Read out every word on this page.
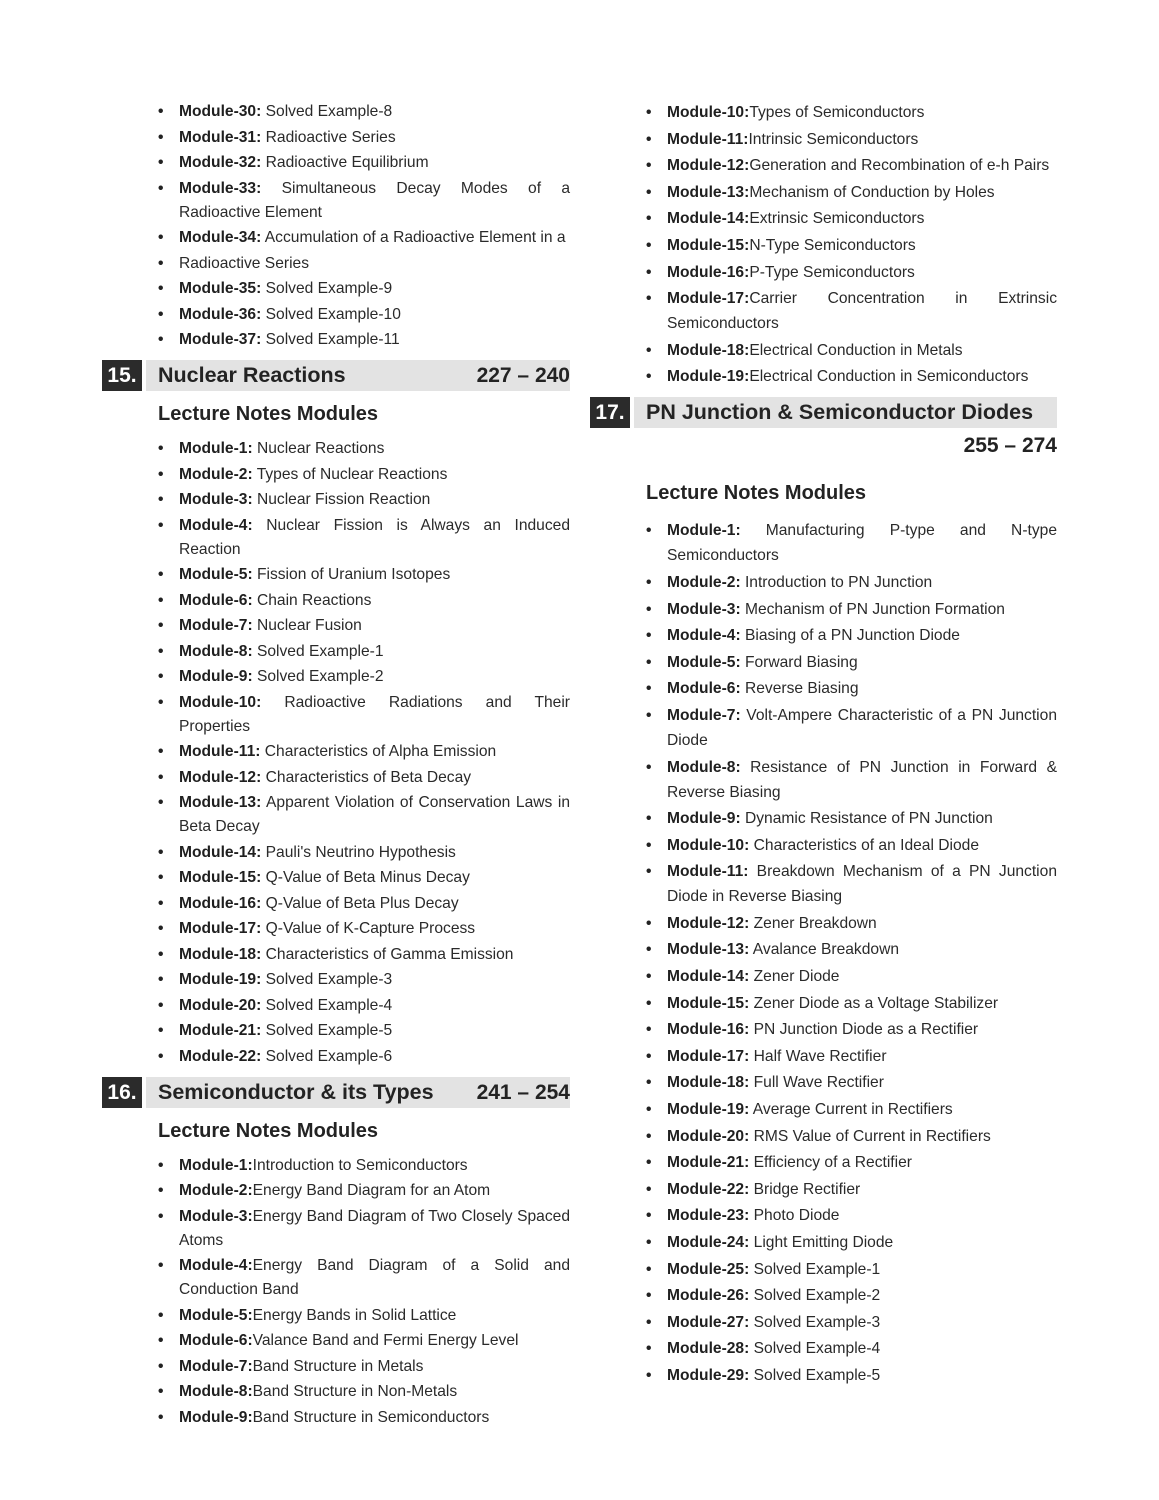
• Module-30: Solved Example-8
• Module-31: Radioactive Series
• Module-32: Radioactive Equilibrium
• Module-33: Simultaneous Decay Modes of a Radioactive Element
• Module-34: Accumulation of a Radioactive Element in a
• Radioactive Series
• Module-35: Solved Example-9
• Module-36: Solved Example-10
• Module-37: Solved Example-11
15. Nuclear Reactions	227 – 240
Lecture Notes Modules
• Module-1: Nuclear Reactions
• Module-2: Types of Nuclear Reactions
• Module-3: Nuclear Fission Reaction
• Module-4: Nuclear Fission is Always an Induced Reaction
• Module-5: Fission of Uranium Isotopes
• Module-6: Chain Reactions
• Module-7: Nuclear Fusion
• Module-8: Solved Example-1
• Module-9: Solved Example-2
• Module-10: Radioactive Radiations and Their Properties
• Module-11: Characteristics of Alpha Emission
• Module-12: Characteristics of Beta Decay
• Module-13: Apparent Violation of Conservation Laws in Beta Decay
• Module-14: Pauli's Neutrino Hypothesis
• Module-15: Q-Value of Beta Minus Decay
• Module-16: Q-Value of Beta Plus Decay
• Module-17: Q-Value of K-Capture Process
• Module-18: Characteristics of Gamma Emission
• Module-19: Solved Example-3
• Module-20: Solved Example-4
• Module-21: Solved Example-5
• Module-22: Solved Example-6
16. Semiconductor & its Types 241 – 254
Lecture Notes Modules
• Module-1:Introduction to Semiconductors
• Module-2:Energy Band Diagram for an Atom
• Module-3:Energy Band Diagram of Two Closely Spaced Atoms
• Module-4:Energy Band Diagram of a Solid and Conduction Band
• Module-5:Energy Bands in Solid Lattice
• Module-6:Valance Band and Fermi Energy Level
• Module-7:Band Structure in Metals
• Module-8:Band Structure in Non-Metals
• Module-9:Band Structure in Semiconductors
• Module-10:Types of Semiconductors
• Module-11:Intrinsic Semiconductors
• Module-12:Generation and Recombination of e-h Pairs
• Module-13:Mechanism of Conduction by Holes
• Module-14:Extrinsic Semiconductors
• Module-15:N-Type Semiconductors
• Module-16:P-Type Semiconductors
• Module-17:Carrier Concentration in Extrinsic Semiconductors
• Module-18:Electrical Conduction in Metals
• Module-19:Electrical Conduction in Semiconductors
17. PN Junction & Semiconductor Diodes
255 – 274
Lecture Notes Modules
• Module-1: Manufacturing P-type and N-type Semiconductors
• Module-2: Introduction to PN Junction
• Module-3: Mechanism of PN Junction Formation
• Module-4: Biasing of a PN Junction Diode
• Module-5: Forward Biasing
• Module-6: Reverse Biasing
• Module-7: Volt-Ampere Characteristic of a PN Junction Diode
• Module-8: Resistance of PN Junction in Forward & Reverse Biasing
• Module-9: Dynamic Resistance of PN Junction
• Module-10: Characteristics of an Ideal Diode
• Module-11: Breakdown Mechanism of a PN Junction Diode in Reverse Biasing
• Module-12: Zener Breakdown
• Module-13: Avalance Breakdown
• Module-14: Zener Diode
• Module-15: Zener Diode as a Voltage Stabilizer
• Module-16: PN Junction Diode as a Rectifier
• Module-17: Half Wave Rectifier
• Module-18: Full Wave Rectifier
• Module-19: Average Current in Rectifiers
• Module-20: RMS Value of Current in Rectifiers
• Module-21: Efficiency of a Rectifier
• Module-22: Bridge Rectifier
• Module-23: Photo Diode
• Module-24: Light Emitting Diode
• Module-25: Solved Example-1
• Module-26: Solved Example-2
• Module-27: Solved Example-3
• Module-28: Solved Example-4
• Module-29: Solved Example-5
